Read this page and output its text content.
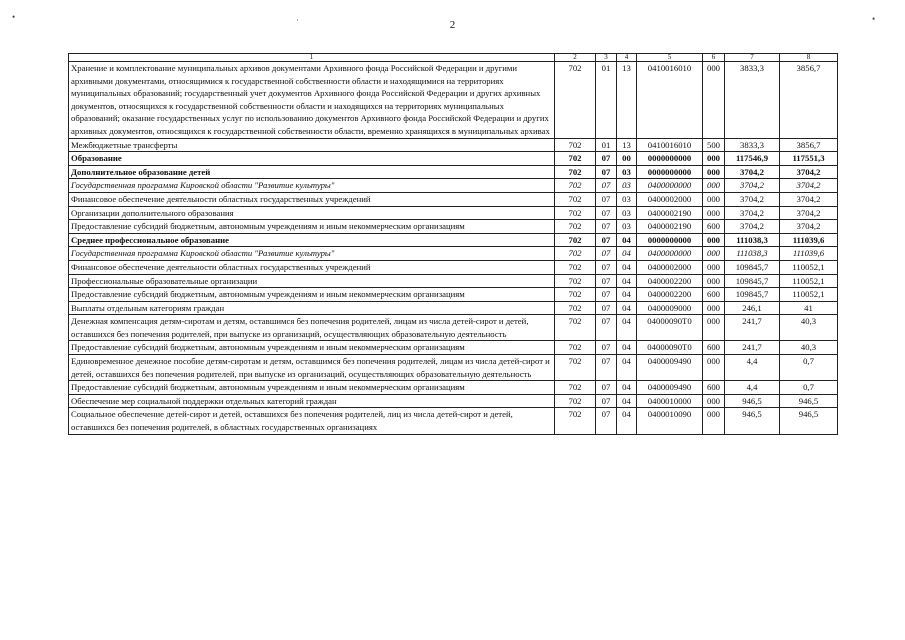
2
•	·	•
1	2	3	4	5	6	7	8
Хранение и комплектование муниципальных архивов документами Архивного фонда Российской Федерации и другими архивными документами, относящимися к государственной собственности области и находящимися на территориях муниципальных образований; государственный учет документов Архивного фонда Российской Федерации и других архивных документов, относящихся к государственной собственности области и находящихся на территориях муниципальных образований; оказание государственных услуг по использованию документов Архивного фонда Российской Федерации и других архивных документов, относящихся к государственной собственности области, временно хранящихся в муниципальных архивах	702	01	13	0410016010	000	3833,3	3856,7
Межбюджетные трансферты	702	01	13	0410016010	500	3833,3	3856,7
Образование	702	07	00	0000000000	000	117546,9	117551,3
Дополнительное образование детей	702	07	03	0000000000	000	3704,2	3704,2
Государственная программа Кировской области "Развитие культуры"	702	07	03	0400000000	000	3704,2	3704,2
Финансовое обеспечение деятельности областных государственных учреждений	702	07	03	0400002000	000	3704,2	3704,2
Организации дополнительного образования	702	07	03	0400002190	000	3704,2	3704,2
Предоставление субсидий бюджетным, автономным учреждениям и иным некоммерческим организациям	702	07	03	0400002190	600	3704,2	3704,2
Среднее профессиональное образование	702	07	04	0000000000	000	111038,3	111039,6
Государственная программа Кировской области "Развитие культуры"	702	07	04	0400000000	000	111038,3	111039,6
Финансовое обеспечение деятельности областных государственных учреждений	702	07	04	0400002000	000	109845,7	110052,1
Профессиональные образовательные организации	702	07	04	0400002200	000	109845,7	110052,1
Предоставление субсидий бюджетным, автономным учреждениям и иным некоммерческим организациям	702	07	04	0400002200	600	109845,7	110052,1
Выплаты отдельным категориям граждан	702	07	04	0400009000	000	246,1	41
Денежная компенсация детям-сиротам и детям, оставшимся без попечения родителей, лицам из числа детей-сирот и детей, оставшихся без попечения родителей, при выпуске из организаций, осуществляющих образовательную деятельность	702	07	04	04000090Т0	000	241,7	40,3
Предоставление субсидий бюджетным, автономным учреждениям и иным некоммерческим организациям	702	07	04	04000090Т0	600	241,7	40,3
Единовременное денежное пособие детям-сиротам и детям, оставшимся без попечения родителей, лицам из числа детей-сирот и детей, оставшихся без попечения родителей, при выпуске из организаций, осуществляющих образовательную деятельность	702	07	04	0400009490	000	4,4	0,7
Предоставление субсидий бюджетным, автономным учреждениям и иным некоммерческим организациям	702	07	04	0400009490	600	4,4	0,7
Обеспечение мер социальной поддержки отдельных категорий граждан	702	07	04	0400010000	000	946,5	946,5
Социальное обеспечение детей-сирот и детей, оставшихся без попечения родителей, лиц из числа детей-сирот и детей, оставшихся без попечения родителей, в областных государственных организациях	702	07	04	0400010090	000	946,5	946,5
